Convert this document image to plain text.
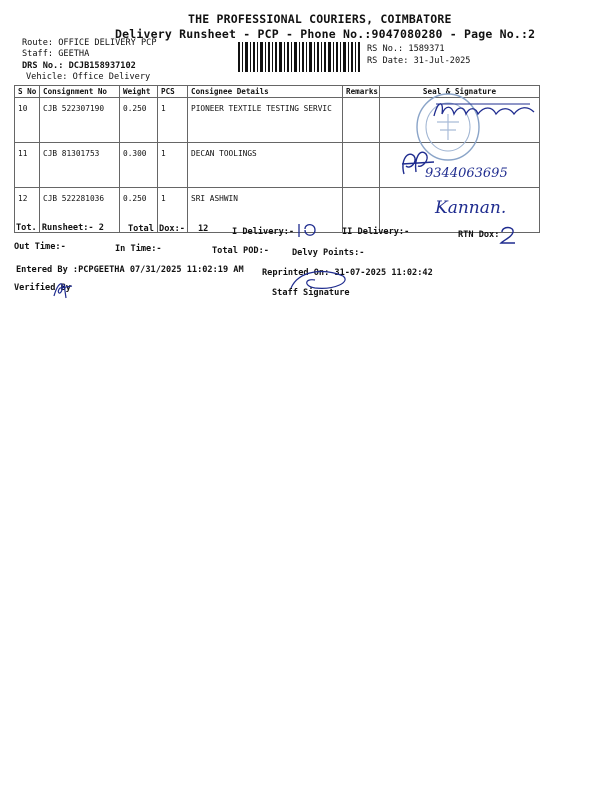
THE PROFESSIONAL COURIERS, COIMBATORE
Delivery Runsheet - PCP - Phone No.:9047080280 - Page No.:2
Route: OFFICE DELIVERY PCP
Staff: GEETHA
DRS No.: DCJB158937102
Vehicle: Office Delivery
RS No.: 1589371
RS Date: 31-Jul-2025
S No	Consignment No	Weight	PCS	Consignee Details	Remarks	Seal & Signature
10	CJB 522307190	0.250	1	PIONEER TEXTILE TESTING SERVIC		
11	CJB 81301753	0.300	1	DECAN TOOLINGS		
12	CJB 522281036	0.250	1	SRI ASHWIN		
9344063695
Kannan.
Tot. Runsheet:- 2	Total Dox:- 12	I Delivery:-	II Delivery:-	RTN Dox:
Out Time:-	In Time:-	Total POD:-	Delvy Points:-
Entered By :PCPGEETHA 07/31/2025 11:02:19 AM Reprinted On: 31-07-2025 11:02:42
Verified By	Staff Signature
